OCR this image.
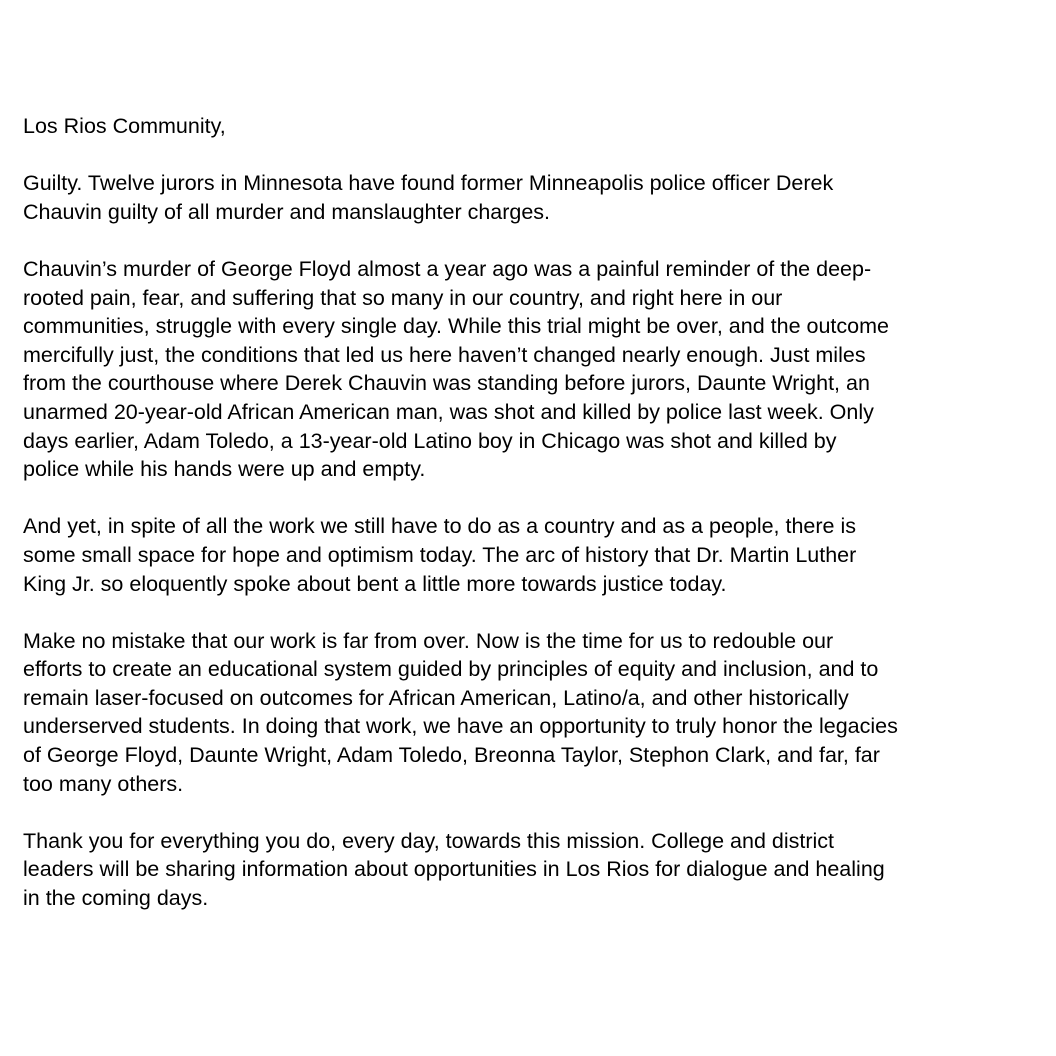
Los Rios Community,
Guilty. Twelve jurors in Minnesota have found former Minneapolis police officer Derek
Chauvin guilty of all murder and manslaughter charges.
Chauvin’s murder of George Floyd almost a year ago was a painful reminder of the deep-
rooted pain, fear, and suffering that so many in our country, and right here in our
communities, struggle with every single day. While this trial might be over, and the outcome
mercifully just, the conditions that led us here haven’t changed nearly enough. Just miles
from the courthouse where Derek Chauvin was standing before jurors, Daunte Wright, an
unarmed 20-year-old African American man, was shot and killed by police last week. Only
days earlier, Adam Toledo, a 13-year-old Latino boy in Chicago was shot and killed by
police while his hands were up and empty.
And yet, in spite of all the work we still have to do as a country and as a people, there is
some small space for hope and optimism today. The arc of history that Dr. Martin Luther
King Jr. so eloquently spoke about bent a little more towards justice today.
Make no mistake that our work is far from over. Now is the time for us to redouble our
efforts to create an educational system guided by principles of equity and inclusion, and to
remain laser-focused on outcomes for African American, Latino/a, and other historically
underserved students. In doing that work, we have an opportunity to truly honor the legacies
of George Floyd, Daunte Wright, Adam Toledo, Breonna Taylor, Stephon Clark, and far, far
too many others.
Thank you for everything you do, every day, towards this mission. College and district
leaders will be sharing information about opportunities in Los Rios for dialogue and healing
in the coming days.
